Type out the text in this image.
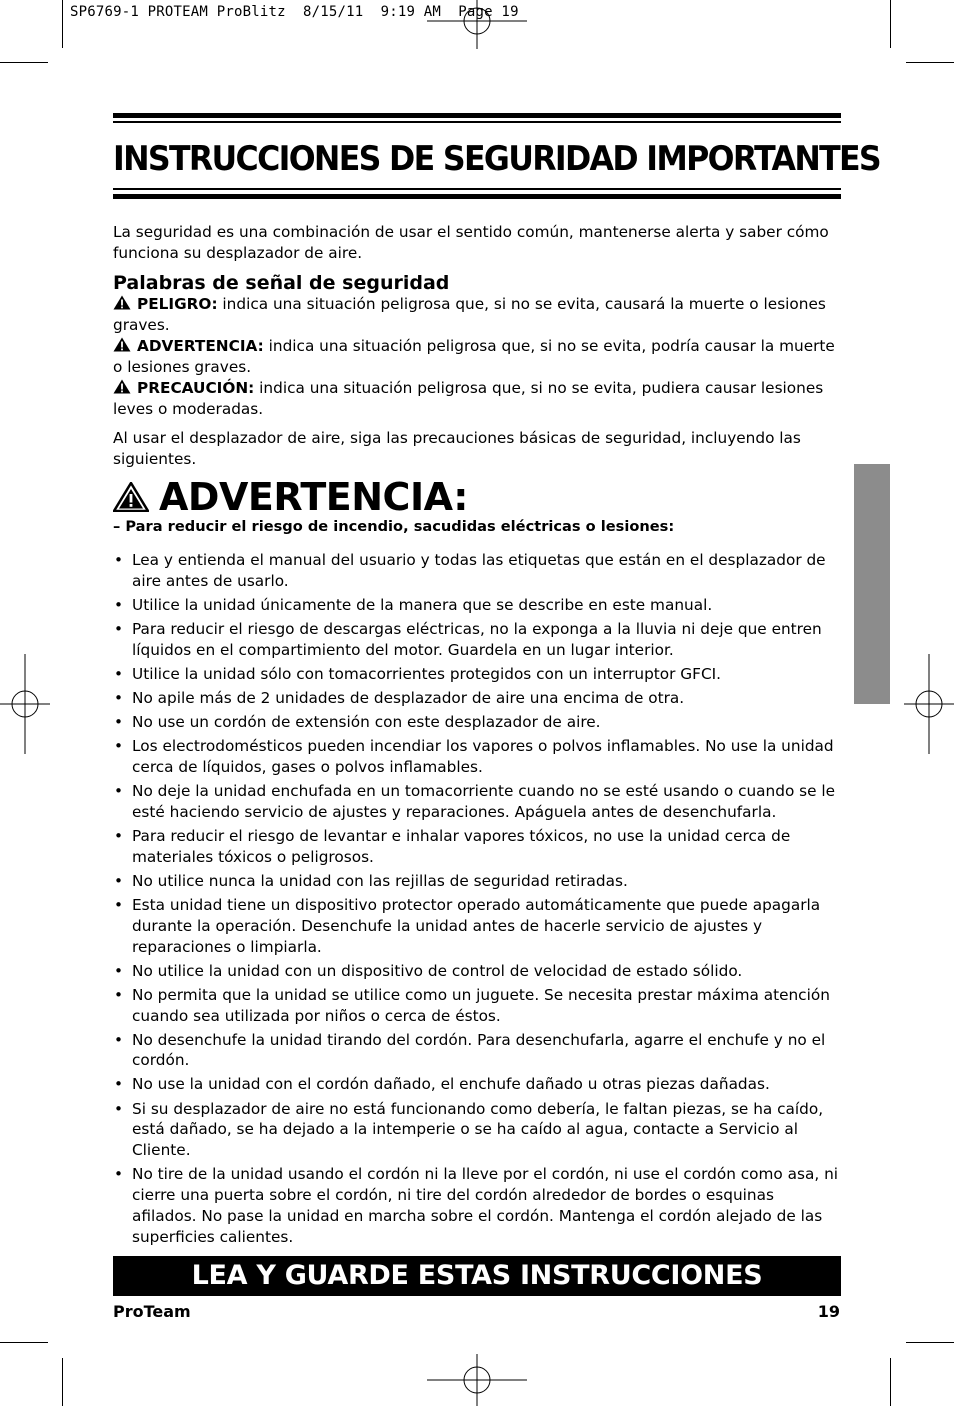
SP6769-1 PROTEAM ProBlitz  8/15/11  9:19 AM  Page 19
INSTRUCCIONES DE SEGURIDAD IMPORTANTES

La seguridad es una combinación de usar el sentido común, mantenerse alerta y saber cómo funciona su desplazador de aire.

Palabras de señal de seguridad

PELIGRO: indica una situación peligrosa que, si no se evita, causará la muerte o lesiones graves.

ADVERTENCIA: indica una situación peligrosa que, si no se evita, podría causar la muerte o lesiones graves.

PRECAUCIÓN: indica una situación peligrosa que, si no se evita, pudiera causar lesiones leves o moderadas.

Al usar el desplazador de aire, siga las precauciones básicas de seguridad, incluyendo las siguientes.

ADVERTENCIA:
– Para reducir el riesgo de incendio, sacudidas eléctricas o lesiones:
• Lea y entienda el manual del usuario y todas las etiquetas que están en el desplazador de aire antes de usarlo.
• Utilice la unidad únicamente de la manera que se describe en este manual.
• Para reducir el riesgo de descargas eléctricas, no la exponga a la lluvia ni deje que entren líquidos en el compartimiento del motor. Guardela en un lugar interior.
• Utilice la unidad sólo con tomacorrientes protegidos con un interruptor GFCI.
• No apile más de 2 unidades de desplazador de aire una encima de otra.
• No use un cordón de extensión con este desplazador de aire.
• Los electrodomésticos pueden incendiar los vapores o polvos inflamables. No use la unidad cerca de líquidos, gases o polvos inflamables.
• No deje la unidad enchufada en un tomacorriente cuando no se esté usando o cuando se le esté haciendo servicio de ajustes y reparaciones. Apáguela antes de desenchufarla.
• Para reducir el riesgo de levantar e inhalar vapores tóxicos, no use la unidad cerca de materiales tóxicos o peligrosos.
• No utilice nunca la unidad con las rejillas de seguridad retiradas.
• Esta unidad tiene un dispositivo protector operado automáticamente que puede apagarla durante la operación. Desenchufe la unidad antes de hacerle servicio de ajustes y reparaciones o limpiarla.
• No utilice la unidad con un dispositivo de control de velocidad de estado sólido.
• No permita que la unidad se utilice como un juguete. Se necesita prestar máxima atención cuando sea utilizada por niños o cerca de éstos.
• No desenchufe la unidad tirando del cordón. Para desenchufarla, agarre el enchufe y no el cordón.
• No use la unidad con el cordón dañado, el enchufe dañado u otras piezas dañadas.
• Si su desplazador de aire no está funcionando como debería, le faltan piezas, se ha caído, está dañado, se ha dejado a la intemperie o se ha caído al agua, contacte a Servicio al Cliente.
• No tire de la unidad usando el cordón ni la lleve por el cordón, ni use el cordón como asa, ni cierre una puerta sobre el cordón, ni tire del cordón alrededor de bordes o esquinas afilados. No pase la unidad en marcha sobre el cordón. Mantenga el cordón alejado de las superficies calientes.
LEA Y GUARDE ESTAS INSTRUCCIONES
ProTeam	19
